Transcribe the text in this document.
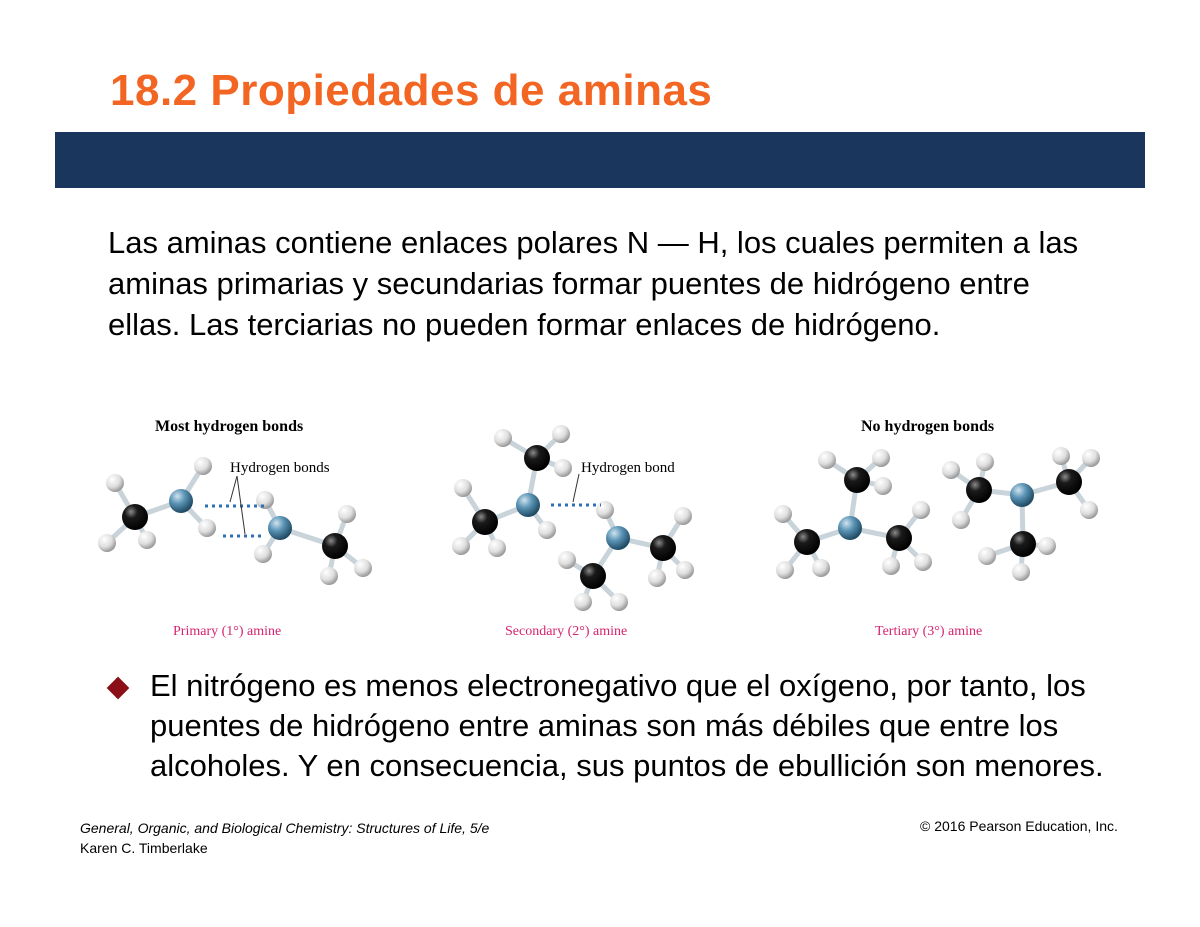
18.2 Propiedades de aminas

Las aminas contiene enlaces polares N — H, los cuales permiten a las aminas primarias y secundarias formar puentes de hidrógeno entre ellas. Las terciarias no pueden formar enlaces de hidrógeno.

Most hydrogen bonds	No hydrogen bonds
Hydrogen bonds	Hydrogen bond
Primary (1°) amine	Secondary (2°) amine	Tertiary (3°) amine

El nitrógeno es menos electronegativo que el oxígeno, por tanto, los puentes de hidrógeno entre aminas son más débiles que entre los alcoholes. Y en consecuencia, sus puntos de ebullición son menores.

General, Organic, and Biological Chemistry: Structures of Life, 5/e
Karen C. Timberlake
© 2016 Pearson Education, Inc.
